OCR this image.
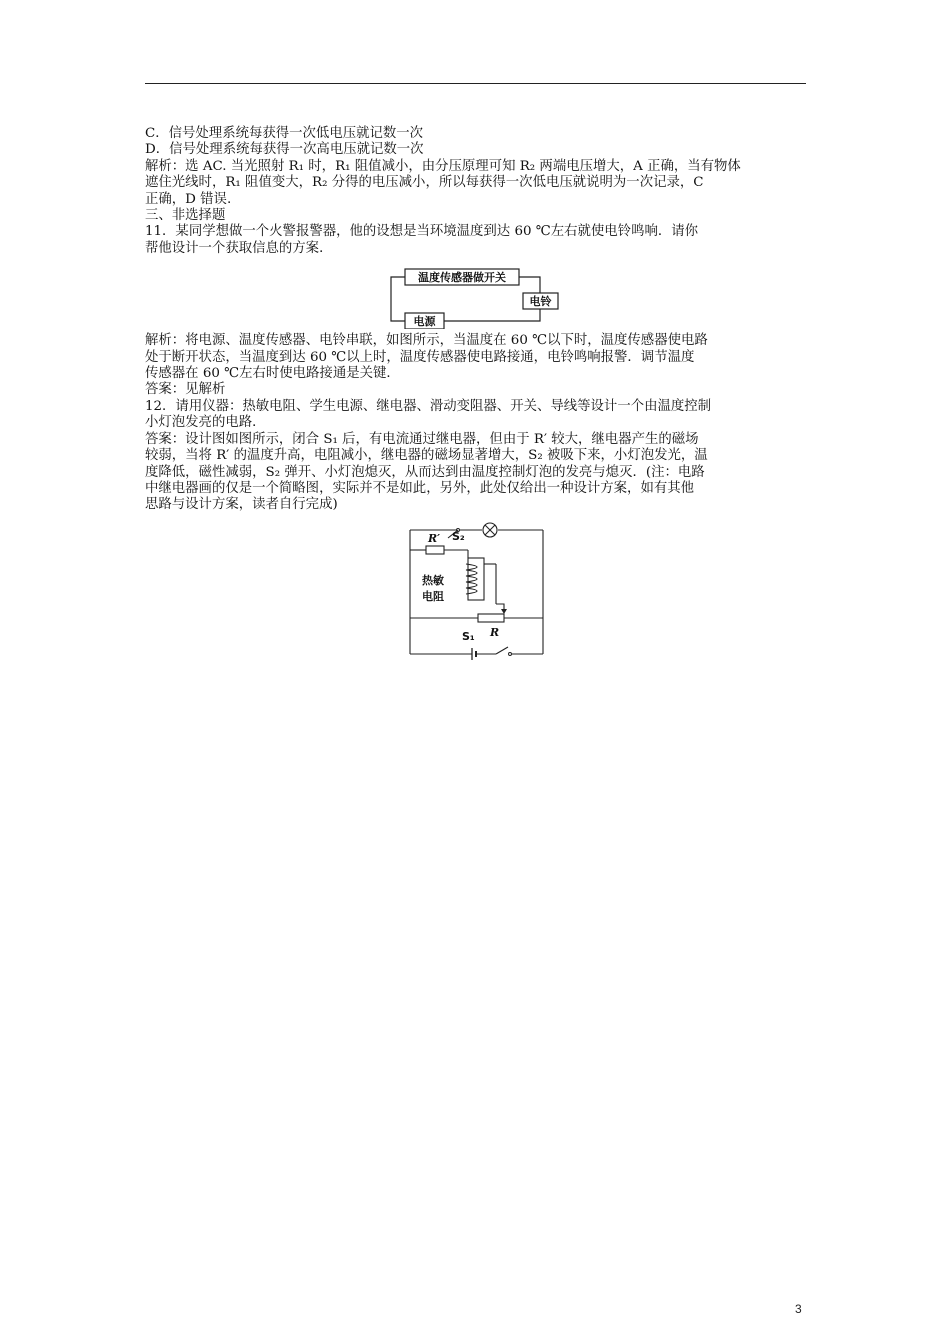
C．信号处理系统每获得一次低电压就记数一次

D．信号处理系统每获得一次高电压就记数一次

解析：选 AC. 当光照射 R₁ 时，R₁ 阻值减小，由分压原理可知 R₂ 两端电压增大，A 正确，当有物体

遮住光线时，R₁ 阻值变大，R₂ 分得的电压减小，所以每获得一次低电压就说明为一次记录，C

正确，D 错误.

三、非选择题

11．某同学想做一个火警报警器，他的设想是当环境温度到达 60 ℃左右就使电铃鸣响．请你

帮他设计一个获取信息的方案．

温度传感器做开关
电铃
电源

解析：将电源、温度传感器、电铃串联，如图所示，当温度在 60 ℃以下时，温度传感器使电路

处于断开状态，当温度到达 60 ℃以上时，温度传感器使电路接通，电铃鸣响报警．调节温度

传感器在 60 ℃左右时使电路接通是关键．

答案：见解析

12．请用仪器：热敏电阻、学生电源、继电器、滑动变阻器、开关、导线等设计一个由温度控制

小灯泡发亮的电路．

答案：设计图如图所示，闭合 S₁ 后，有电流通过继电器，但由于 R′ 较大，继电器产生的磁场

较弱，当将 R′ 的温度升高，电阻减小，继电器的磁场显著增大，S₂ 被吸下来，小灯泡发光，温

度降低，磁性减弱，S₂ 弹开、小灯泡熄灭，从而达到由温度控制灯泡的发亮与熄灭．(注：电路

中继电器画的仅是一个简略图，实际并不是如此，另外，此处仅给出一种设计方案，如有其他

思路与设计方案，读者自行完成)

R′ S₂
热敏
电阻
R
S₁
3
